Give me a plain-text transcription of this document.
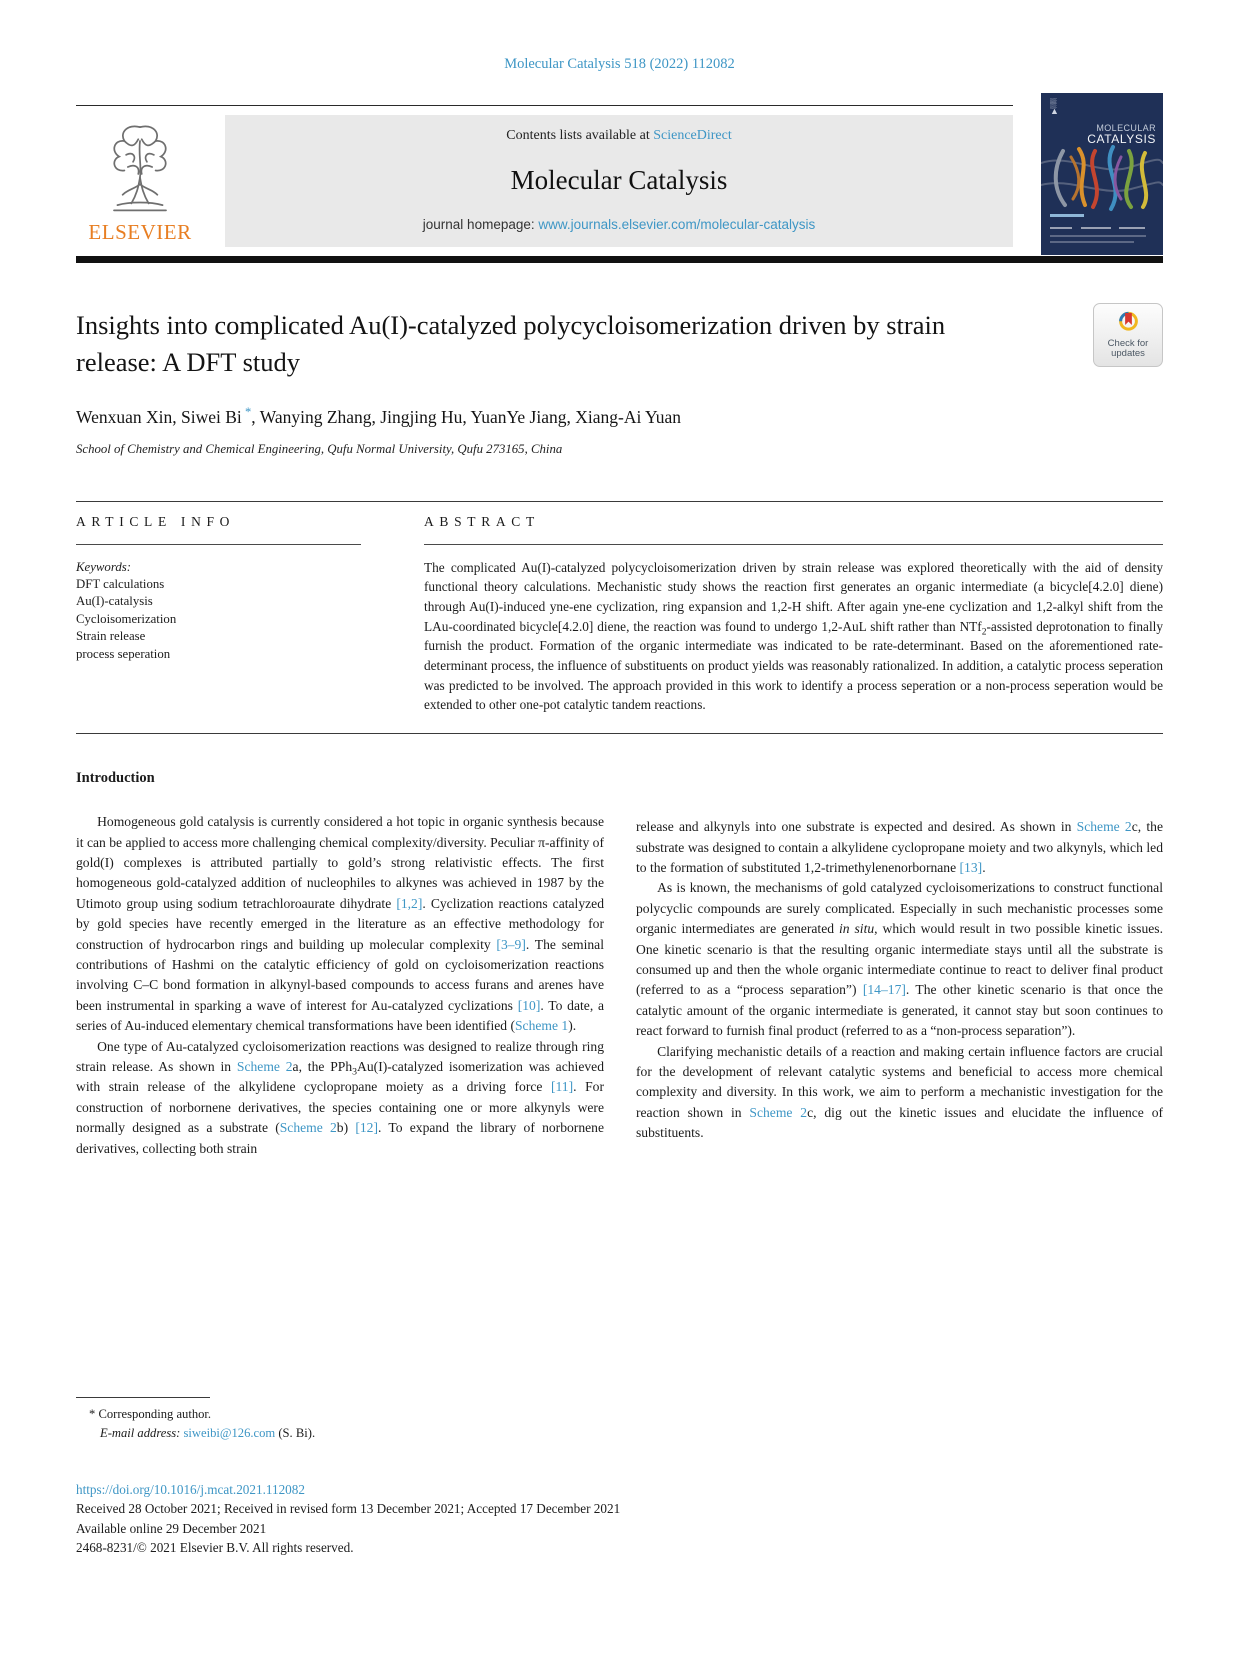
Molecular Catalysis 518 (2022) 112082
ELSEVIER
Contents lists available at ScienceDirect
Molecular Catalysis
journal homepage: www.journals.elsevier.com/molecular-catalysis
▒
▲
MOLECULAR
CATALYSIS
Insights into complicated Au(I)-catalyzed polycycloisomerization driven by strain release: A DFT study
Check for
updates
Wenxuan Xin, Siwei Bi *, Wanying Zhang, Jingjing Hu, YuanYe Jiang, Xiang-Ai Yuan
School of Chemistry and Chemical Engineering, Qufu Normal University, Qufu 273165, China
ARTICLE INFO
Keywords:
DFT calculations
Au(I)-catalysis
Cycloisomerization
Strain release
process seperation
ABSTRACT

The complicated Au(I)-catalyzed polycycloisomerization driven by strain release was explored theoretically with the aid of density functional theory calculations. Mechanistic study shows the reaction first generates an organic intermediate (a bicycle[4.2.0] diene) through Au(I)-induced yne-ene cyclization, ring expansion and 1,2-H shift. After again yne-ene cyclization and 1,2-alkyl shift from the LAu-coordinated bicycle[4.2.0] diene, the reaction was found to undergo 1,2-AuL shift rather than NTf$_2$-assisted deprotonation to finally furnish the product. Formation of the organic intermediate was indicated to be rate-determinant. Based on the aforementioned rate-determinant process, the influence of substituents on product yields was reasonably rationalized. In addition, a catalytic process seperation was predicted to be involved. The approach provided in this work to identify a process seperation or a non-process seperation would be extended to other one-pot catalytic tandem reactions.

Introduction

Homogeneous gold catalysis is currently considered a hot topic in organic synthesis because it can be applied to access more challenging chemical complexity/diversity. Peculiar π-affinity of gold(I) complexes is attributed partially to gold’s strong relativistic effects. The first homogeneous gold-catalyzed addition of nucleophiles to alkynes was achieved in 1987 by the Utimoto group using sodium tetrachloroaurate dihydrate [1,2]. Cyclization reactions catalyzed by gold species have recently emerged in the literature as an effective methodology for construction of hydrocarbon rings and building up molecular complexity [3–9]. The seminal contributions of Hashmi on the catalytic efficiency of gold on cycloisomerization reactions involving C–C bond formation in alkynyl-based compounds to access furans and arenes have been instrumental in sparking a wave of interest for Au-catalyzed cyclizations [10]. To date, a series of Au-induced elementary chemical transformations have been identified (Scheme 1).

One type of Au-catalyzed cycloisomerization reactions was designed to realize through ring strain release. As shown in Scheme 2a, the PPh$_3$Au(I)-catalyzed isomerization was achieved with strain release of the alkylidene cyclopropane moiety as a driving force [11]. For construction of norbornene derivatives, the species containing one or more alkynyls were normally designed as a substrate (Scheme 2b) [12]. To expand the library of norbornene derivatives, collecting both strain

release and alkynyls into one substrate is expected and desired. As shown in Scheme 2c, the substrate was designed to contain a alkylidene cyclopropane moiety and two alkynyls, which led to the formation of substituted 1,2-trimethylenenorbornane [13].

As is known, the mechanisms of gold catalyzed cycloisomerizations to construct functional polycyclic compounds are surely complicated. Especially in such mechanistic processes some organic intermediates are generated in situ, which would result in two possible kinetic issues. One kinetic scenario is that the resulting organic intermediate stays until all the substrate is consumed up and then the whole organic intermediate continue to react to deliver final product (referred to as a “process separation”) [14–17]. The other kinetic scenario is that once the catalytic amount of the organic intermediate is generated, it cannot stay but soon continues to react forward to furnish final product (referred to as a “non-process separation”).

Clarifying mechanistic details of a reaction and making certain influence factors are crucial for the development of relevant catalytic systems and beneficial to access more chemical complexity and diversity. In this work, we aim to perform a mechanistic investigation for the reaction shown in Scheme 2c, dig out the kinetic issues and elucidate the influence of substituents.

* Corresponding author.
E-mail address: siweibi@126.com (S. Bi).
https://doi.org/10.1016/j.mcat.2021.112082
Received 28 October 2021; Received in revised form 13 December 2021; Accepted 17 December 2021
Available online 29 December 2021
2468-8231/© 2021 Elsevier B.V. All rights reserved.
